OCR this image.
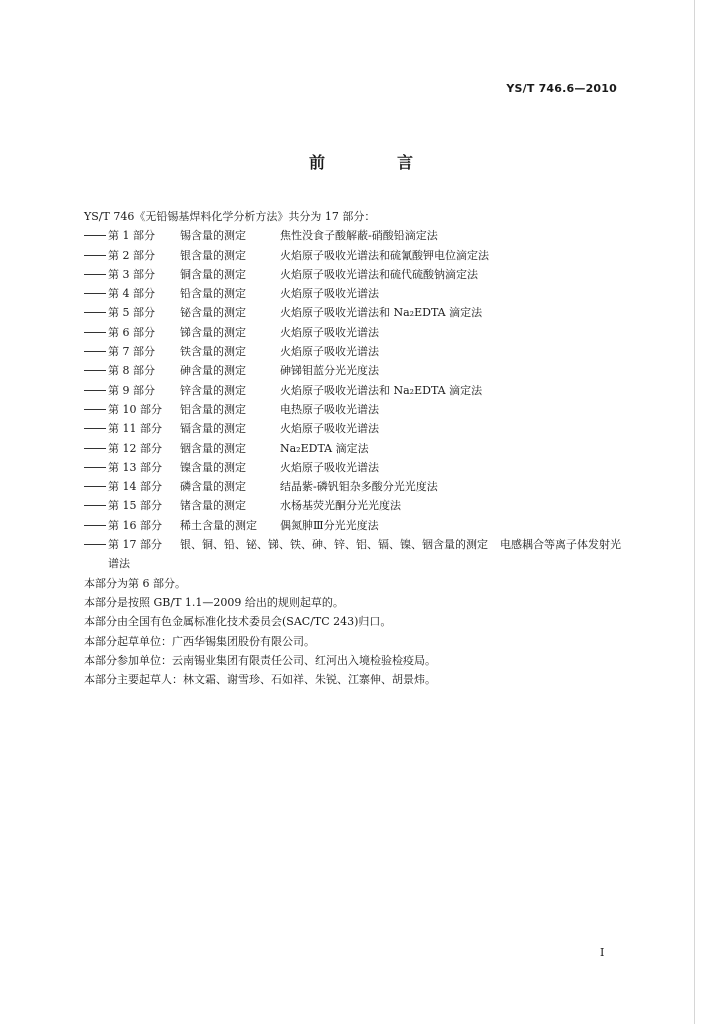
YS/T 746.6—2010
前　言
YS/T 746《无铅锡基焊料化学分析方法》共分为 17 部分：
第 1 部分	锡含量的测定	焦性没食子酸解蔽-硝酸铅滴定法
第 2 部分	银含量的测定	火焰原子吸收光谱法和硫氰酸钾电位滴定法
第 3 部分	铜含量的测定	火焰原子吸收光谱法和硫代硫酸钠滴定法
第 4 部分	铅含量的测定	火焰原子吸收光谱法
第 5 部分	铋含量的测定	火焰原子吸收光谱法和 Na₂EDTA 滴定法
第 6 部分	锑含量的测定	火焰原子吸收光谱法
第 7 部分	铁含量的测定	火焰原子吸收光谱法
第 8 部分	砷含量的测定	砷锑钼蓝分光光度法
第 9 部分	锌含量的测定	火焰原子吸收光谱法和 Na₂EDTA 滴定法
第 10 部分	铝含量的测定	电热原子吸收光谱法
第 11 部分	镉含量的测定	火焰原子吸收光谱法
第 12 部分	铟含量的测定	Na₂EDTA 滴定法
第 13 部分	镍含量的测定	火焰原子吸收光谱法
第 14 部分	磷含量的测定	结晶紫-磷钒钼杂多酸分光光度法
第 15 部分	锗含量的测定	水杨基荧光酮分光光度法
第 16 部分	稀土含量的测定	偶氮胂Ⅲ分光光度法
第 17 部分	银、铜、铅、铋、锑、铁、砷、锌、铝、镉、镍、铟含量的测定 电感耦合等离子体发射光
谱法
本部分为第 6 部分。
本部分是按照 GB/T 1.1—2009 给出的规则起草的。
本部分由全国有色金属标准化技术委员会(SAC/TC 243)归口。
本部分起草单位：广西华锡集团股份有限公司。
本部分参加单位：云南锡业集团有限责任公司、红河出入境检验检疫局。
本部分主要起草人：林文霜、谢雪珍、石如祥、朱锐、江寨伸、胡景炜。
I
